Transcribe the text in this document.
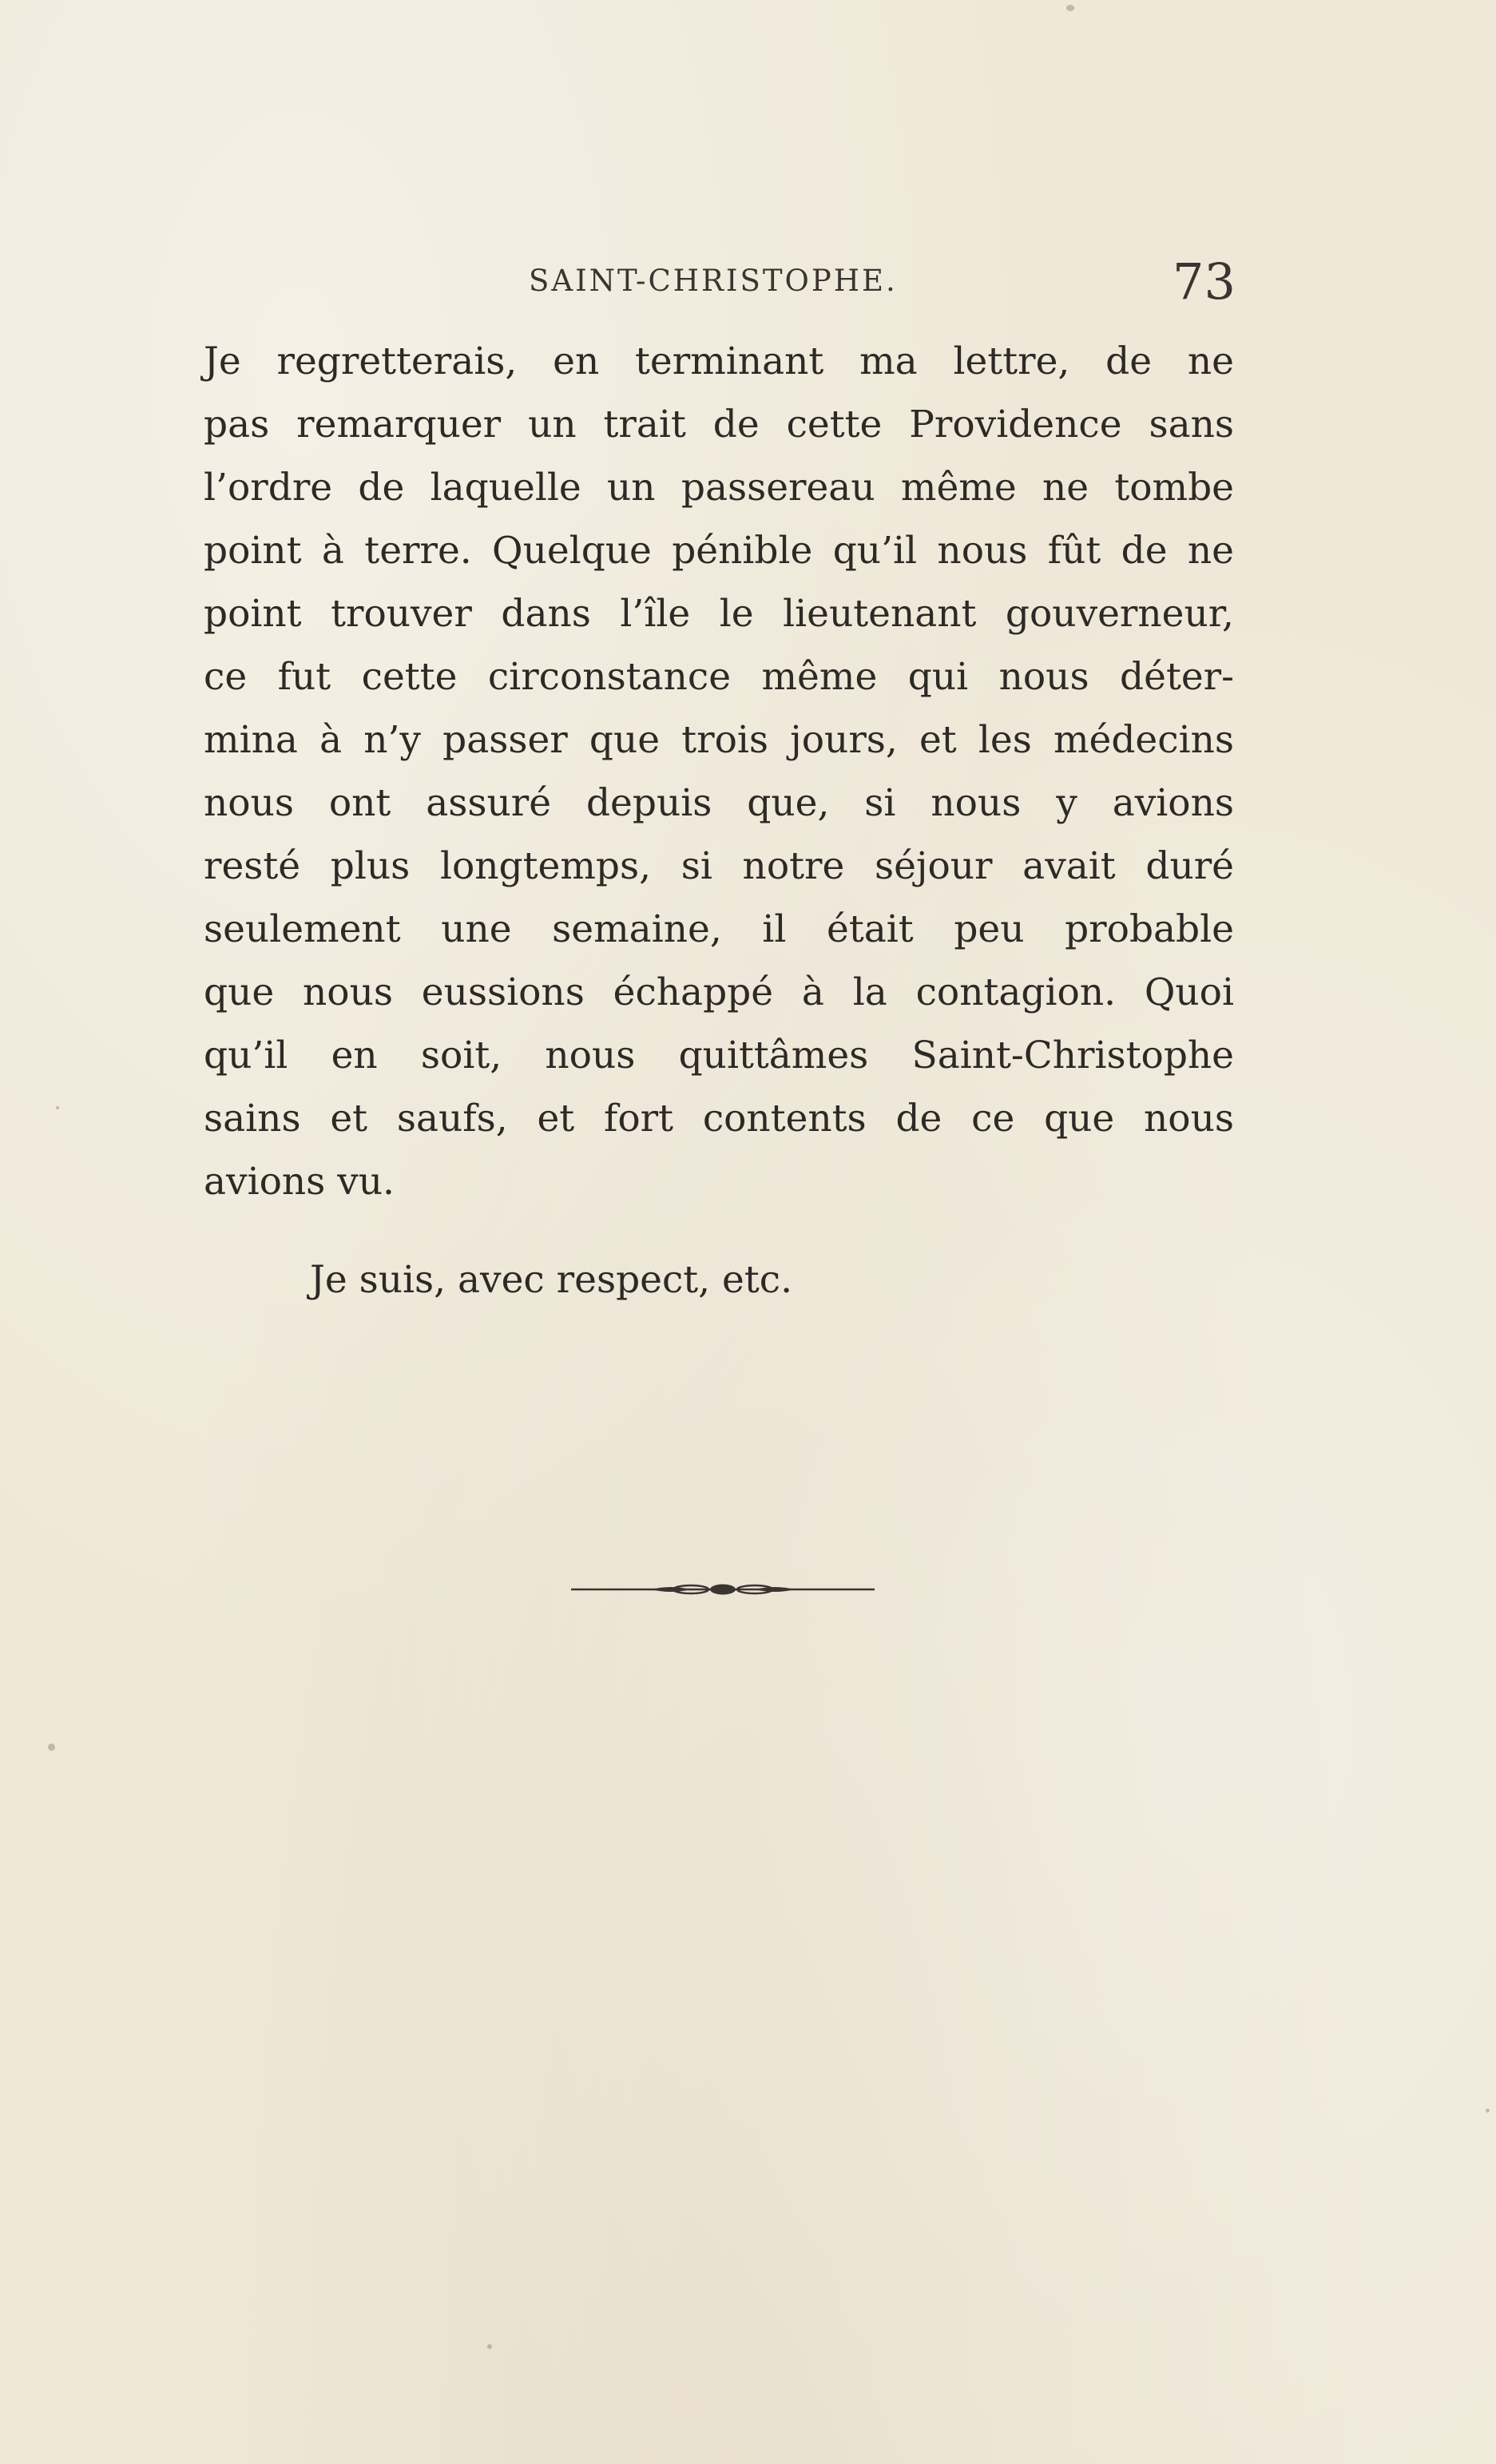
SAINT-CHRISTOPHE.	73
Je regretterais, en terminant ma lettre, de ne
pas remarquer un trait de cette Providence sans
l’ordre de laquelle un passereau même ne tombe
point à terre. Quelque pénible qu’il nous fût de ne
point trouver dans l’île le lieutenant gouverneur,
ce fut cette circonstance même qui nous déter-
mina à n’y passer que trois jours, et les médecins
nous ont assuré depuis que, si nous y avions
resté plus longtemps, si notre séjour avait duré
seulement une semaine, il était peu probable
que nous eussions échappé à la contagion. Quoi
qu’il en soit, nous quittâmes Saint-Christophe
sains et saufs, et fort contents de ce que nous
avions vu.
Je suis, avec respect, etc.
